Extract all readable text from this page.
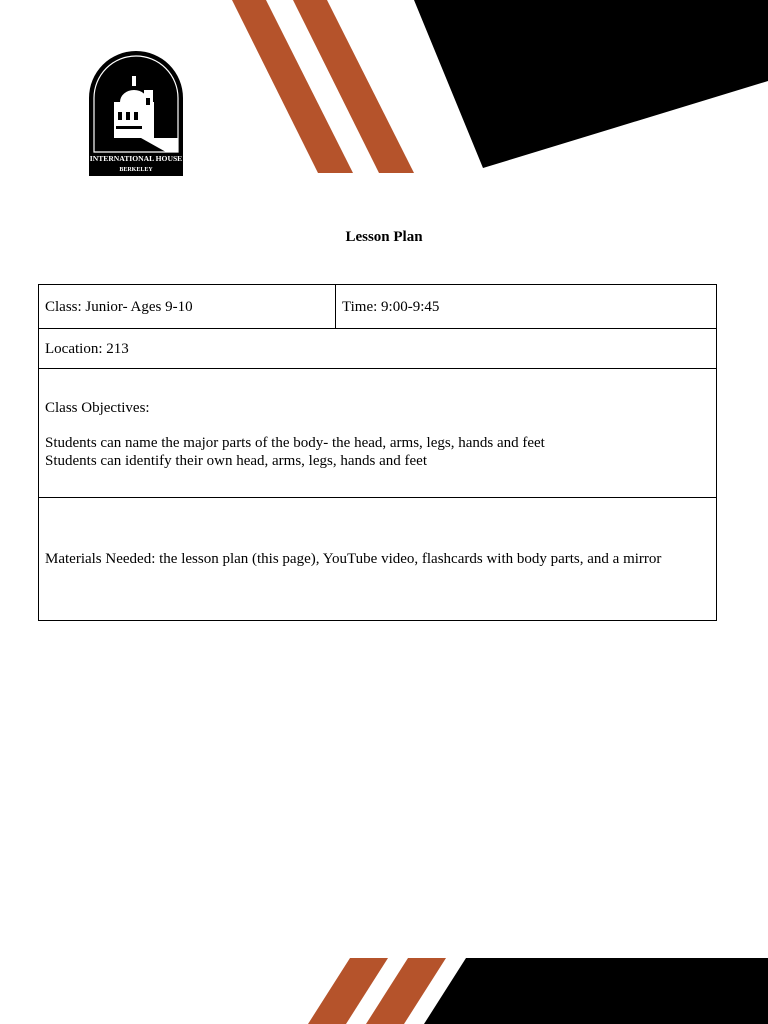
INTERNATIONAL HOUSE
BERKELEY
Lesson Plan
Class: Junior- Ages 9-10	Time: 9:00-9:45
Location: 213

Class Objectives:

Students can name the major parts of the body- the head, arms, legs, hands and feet

Students can identify their own head, arms, legs, hands and feet

Materials Needed: the lesson plan (this page), YouTube video, flashcards with body parts, and a mirror
